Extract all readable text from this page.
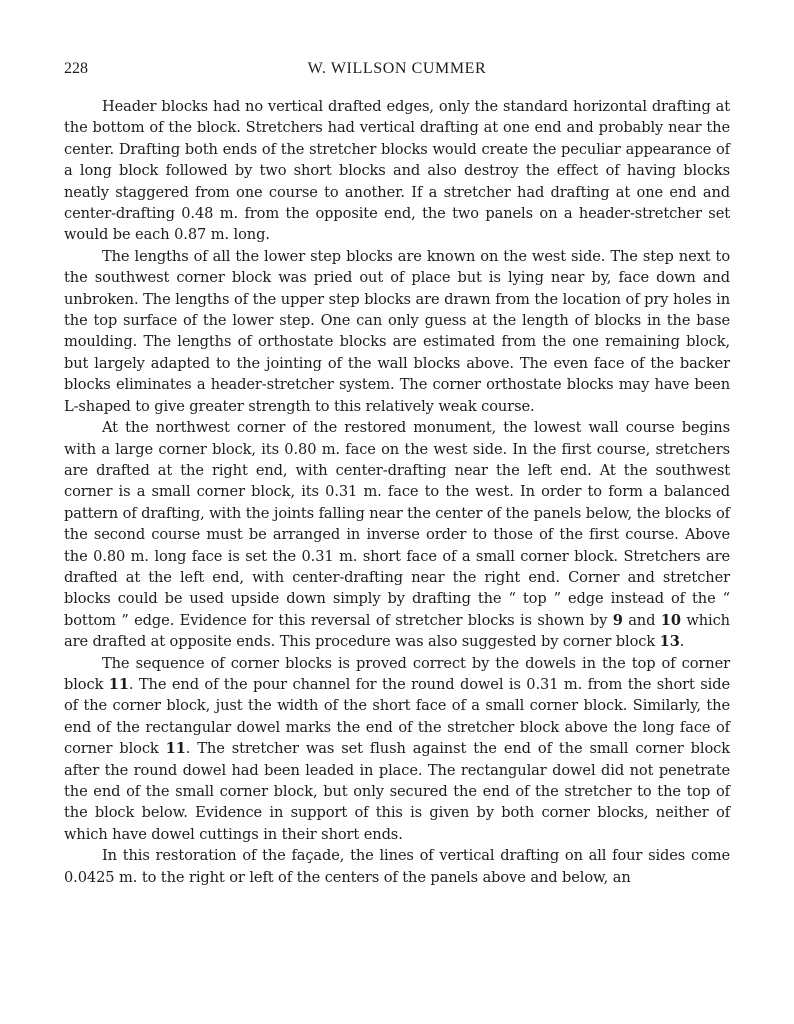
228	W. WILLSON CUMMER

Header blocks had no vertical drafted edges, only the standard horizontal drafting at the bottom of the block. Stretchers had vertical drafting at one end and probably near the center. Drafting both ends of the stretcher blocks would create the peculiar appearance of a long block followed by two short blocks and also destroy the effect of having blocks neatly staggered from one course to another. If a stretcher had drafting at one end and center-drafting 0.48 m. from the opposite end, the two panels on a header-stretcher set would be each 0.87 m. long.

The lengths of all the lower step blocks are known on the west side. The step next to the southwest corner block was pried out of place but is lying near by, face down and unbroken. The lengths of the upper step blocks are drawn from the location of pry holes in the top surface of the lower step. One can only guess at the length of blocks in the base moulding. The lengths of orthostate blocks are estimated from the one remaining block, but largely adapted to the jointing of the wall blocks above. The even face of the backer blocks eliminates a header-stretcher system. The corner orthostate blocks may have been L-shaped to give greater strength to this relatively weak course.

At the northwest corner of the restored monument, the lowest wall course begins with a large corner block, its 0.80 m. face on the west side. In the first course, stretchers are drafted at the right end, with center-drafting near the left end. At the southwest corner is a small corner block, its 0.31 m. face to the west. In order to form a balanced pattern of drafting, with the joints falling near the center of the panels below, the blocks of the second course must be arranged in inverse order to those of the first course. Above the 0.80 m. long face is set the 0.31 m. short face of a small corner block. Stretchers are drafted at the left end, with center-drafting near the right end. Corner and stretcher blocks could be used upside down simply by drafting the “ top ” edge instead of the “ bottom ” edge. Evidence for this reversal of stretcher blocks is shown by 9 and 10 which are drafted at opposite ends. This procedure was also suggested by corner block 13.

The sequence of corner blocks is proved correct by the dowels in the top of corner block 11. The end of the pour channel for the round dowel is 0.31 m. from the short side of the corner block, just the width of the short face of a small corner block. Similarly, the end of the rectangular dowel marks the end of the stretcher block above the long face of corner block 11. The stretcher was set flush against the end of the small corner block after the round dowel had been leaded in place. The rectangular dowel did not penetrate the end of the small corner block, but only secured the end of the stretcher to the top of the block below. Evidence in support of this is given by both corner blocks, neither of which have dowel cuttings in their short ends.

In this restoration of the façade, the lines of vertical drafting on all four sides come 0.0425 m. to the right or left of the centers of the panels above and below, an
